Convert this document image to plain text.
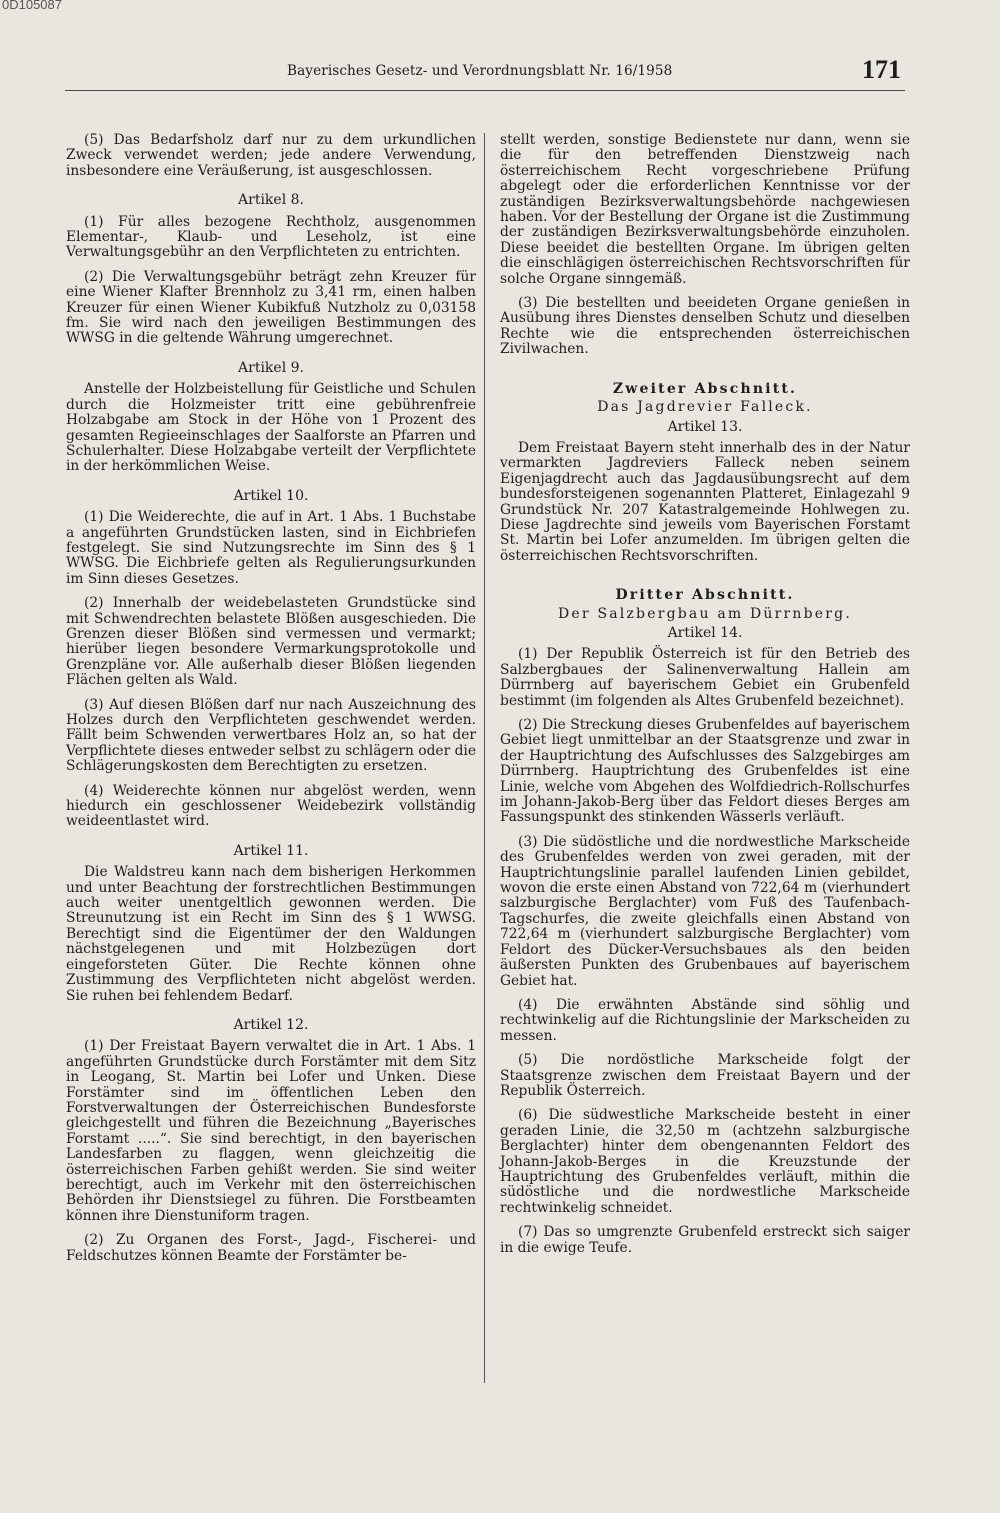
0D105087
Bayerisches Gesetz- und Verordnungsblatt Nr. 16/1958	171

(5) Das Bedarfsholz darf nur zu dem urkundlichen Zweck verwendet werden; jede andere Verwendung, insbesondere eine Veräußerung, ist ausgeschlossen.

Artikel 8.

(1) Für alles bezogene Rechtholz, ausgenommen Elementar-, Klaub- und Leseholz, ist eine Verwaltungsgebühr an den Verpflichteten zu entrichten.

(2) Die Verwaltungsgebühr beträgt zehn Kreuzer für eine Wiener Klafter Brennholz zu 3,41 rm, einen halben Kreuzer für einen Wiener Kubikfuß Nutzholz zu 0,03158 fm. Sie wird nach den jeweiligen Bestimmungen des WWSG in die geltende Währung umgerechnet.

Artikel 9.

Anstelle der Holzbeistellung für Geistliche und Schulen durch die Holzmeister tritt eine gebührenfreie Holzabgabe am Stock in der Höhe von 1 Prozent des gesamten Regieeinschlages der Saalforste an Pfarren und Schulerhalter. Diese Holzabgabe verteilt der Verpflichtete in der herkömmlichen Weise.

Artikel 10.

(1) Die Weiderechte, die auf in Art. 1 Abs. 1 Buchstabe a angeführten Grundstücken lasten, sind in Eichbriefen festgelegt. Sie sind Nutzungsrechte im Sinn des § 1 WWSG. Die Eichbriefe gelten als Regulierungsurkunden im Sinn dieses Gesetzes.

(2) Innerhalb der weidebelasteten Grundstücke sind mit Schwendrechten belastete Blößen ausgeschieden. Die Grenzen dieser Blößen sind vermessen und vermarkt; hierüber liegen besondere Vermarkungsprotokolle und Grenzpläne vor. Alle außerhalb dieser Blößen liegenden Flächen gelten als Wald.

(3) Auf diesen Blößen darf nur nach Auszeichnung des Holzes durch den Verpflichteten geschwendet werden. Fällt beim Schwenden verwertbares Holz an, so hat der Verpflichtete dieses entweder selbst zu schlägern oder die Schlägerungskosten dem Berechtigten zu ersetzen.

(4) Weiderechte können nur abgelöst werden, wenn hiedurch ein geschlossener Weidebezirk vollständig weideentlastet wird.

Artikel 11.

Die Waldstreu kann nach dem bisherigen Herkommen und unter Beachtung der forstrechtlichen Bestimmungen auch weiter unentgeltlich gewonnen werden. Die Streunutzung ist ein Recht im Sinn des § 1 WWSG. Berechtigt sind die Eigentümer der den Waldungen nächstgelegenen und mit Holzbezügen dort eingeforsteten Güter. Die Rechte können ohne Zustimmung des Verpflichteten nicht abgelöst werden. Sie ruhen bei fehlendem Bedarf.

Artikel 12.

(1) Der Freistaat Bayern verwaltet die in Art. 1 Abs. 1 angeführten Grundstücke durch Forstämter mit dem Sitz in Leogang, St. Martin bei Lofer und Unken. Diese Forstämter sind im öffentlichen Leben den Forstverwaltungen der Österreichischen Bundesforste gleichgestellt und führen die Bezeichnung „Bayerisches Forstamt .....“. Sie sind berechtigt, in den bayerischen Landesfarben zu flaggen, wenn gleichzeitig die österreichischen Farben gehißt werden. Sie sind weiter berechtigt, auch im Verkehr mit den österreichischen Behörden ihr Dienstsiegel zu führen. Die Forstbeamten können ihre Dienstuniform tragen.

(2) Zu Organen des Forst-, Jagd-, Fischerei- und Feldschutzes können Beamte der Forstämter be-

stellt werden, sonstige Bedienstete nur dann, wenn sie die für den betreffenden Dienstzweig nach österreichischem Recht vorgeschriebene Prüfung abgelegt oder die erforderlichen Kenntnisse vor der zuständigen Bezirksverwaltungsbehörde nachgewiesen haben. Vor der Bestellung der Organe ist die Zustimmung der zuständigen Bezirksverwaltungsbehörde einzuholen. Diese beeidet die bestellten Organe. Im übrigen gelten die einschlägigen österreichischen Rechtsvorschriften für solche Organe sinngemäß.

(3) Die bestellten und beeideten Organe genießen in Ausübung ihres Dienstes denselben Schutz und dieselben Rechte wie die entsprechenden österreichischen Zivilwachen.

Zweiter Abschnitt.
Das Jagdrevier Falleck.
Artikel 13.

Dem Freistaat Bayern steht innerhalb des in der Natur vermarkten Jagdreviers Falleck neben seinem Eigenjagdrecht auch das Jagdausübungsrecht auf dem bundesforsteigenen sogenannten Platteret, Einlagezahl 9 Grundstück Nr. 207 Katastralgemeinde Hohlwegen zu. Diese Jagdrechte sind jeweils vom Bayerischen Forstamt St. Martin bei Lofer anzumelden. Im übrigen gelten die österreichischen Rechtsvorschriften.

Dritter Abschnitt.
Der Salzbergbau am Dürrnberg.
Artikel 14.

(1) Der Republik Österreich ist für den Betrieb des Salzbergbaues der Salinenverwaltung Hallein am Dürrnberg auf bayerischem Gebiet ein Grubenfeld bestimmt (im folgenden als Altes Grubenfeld bezeichnet).

(2) Die Streckung dieses Grubenfeldes auf bayerischem Gebiet liegt unmittelbar an der Staatsgrenze und zwar in der Hauptrichtung des Aufschlusses des Salzgebirges am Dürrnberg. Hauptrichtung des Grubenfeldes ist eine Linie, welche vom Abgehen des Wolfdiedrich-Rollschurfes im Johann-Jakob-Berg über das Feldort dieses Berges am Fassungspunkt des stinkenden Wässerls verläuft.

(3) Die südöstliche und die nordwestliche Markscheide des Grubenfeldes werden von zwei geraden, mit der Hauptrichtungslinie parallel laufenden Linien gebildet, wovon die erste einen Abstand von 722,64 m (vierhundert salzburgische Berglachter) vom Fuß des Taufenbach-Tagschurfes, die zweite gleichfalls einen Abstand von 722,64 m (vierhundert salzburgische Berglachter) vom Feldort des Dücker-Versuchsbaues als den beiden äußersten Punkten des Grubenbaues auf bayerischem Gebiet hat.

(4) Die erwähnten Abstände sind söhlig und rechtwinkelig auf die Richtungslinie der Markscheiden zu messen.

(5) Die nordöstliche Markscheide folgt der Staatsgrenze zwischen dem Freistaat Bayern und der Republik Österreich.

(6) Die südwestliche Markscheide besteht in einer geraden Linie, die 32,50 m (achtzehn salzburgische Berglachter) hinter dem obengenannten Feldort des Johann-Jakob-Berges in die Kreuzstunde der Hauptrichtung des Grubenfeldes verläuft, mithin die südöstliche und die nordwestliche Markscheide rechtwinkelig schneidet.

(7) Das so umgrenzte Grubenfeld erstreckt sich saiger in die ewige Teufe.
